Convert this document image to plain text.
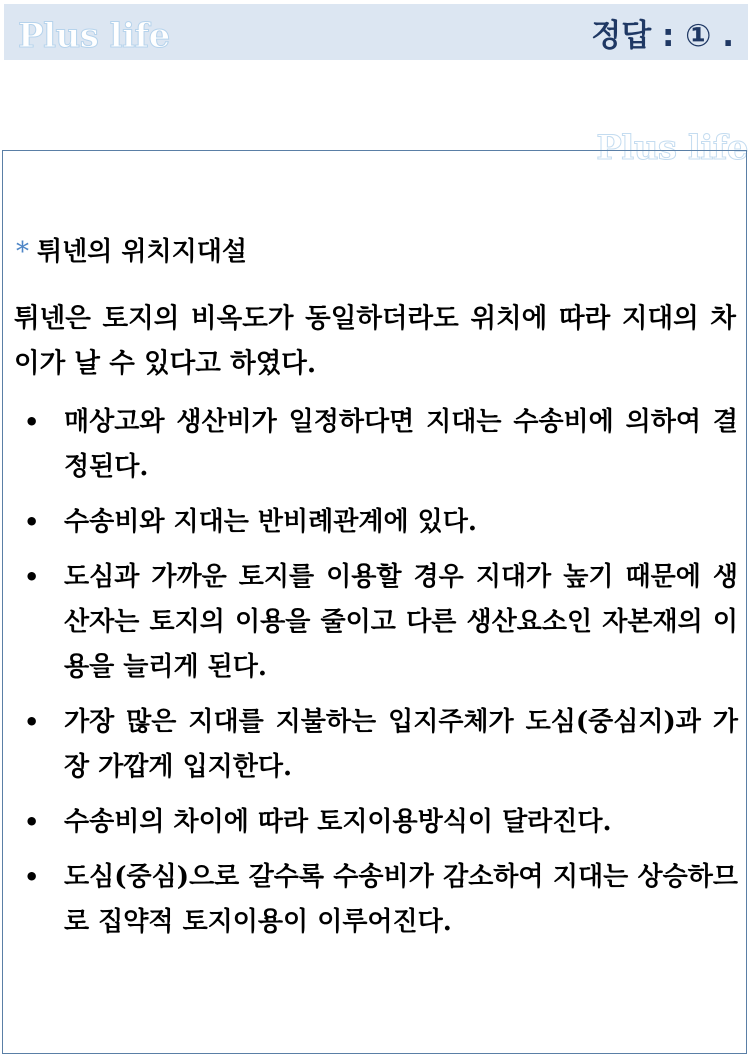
Plus life	정답 : ① .
Plus life
* 튀넨의 위치지대설
튀넨은 토지의 비옥도가 동일하더라도 위치에 따라 지대의 차이가 날 수 있다고 하였다.
• 매상고와 생산비가 일정하다면 지대는 수송비에 의하여 결정된다.
• 수송비와 지대는 반비례관계에 있다.
• 도심과 가까운 토지를 이용할 경우 지대가 높기 때문에 생산자는 토지의 이용을 줄이고 다른 생산요소인 자본재의 이용을 늘리게 된다.
• 가장 많은 지대를 지불하는 입지주체가 도심(중심지)과 가장 가깝게 입지한다.
• 수송비의 차이에 따라 토지이용방식이 달라진다.
• 도심(중심)으로 갈수록 수송비가 감소하여 지대는 상승하므로 집약적 토지이용이 이루어진다.
